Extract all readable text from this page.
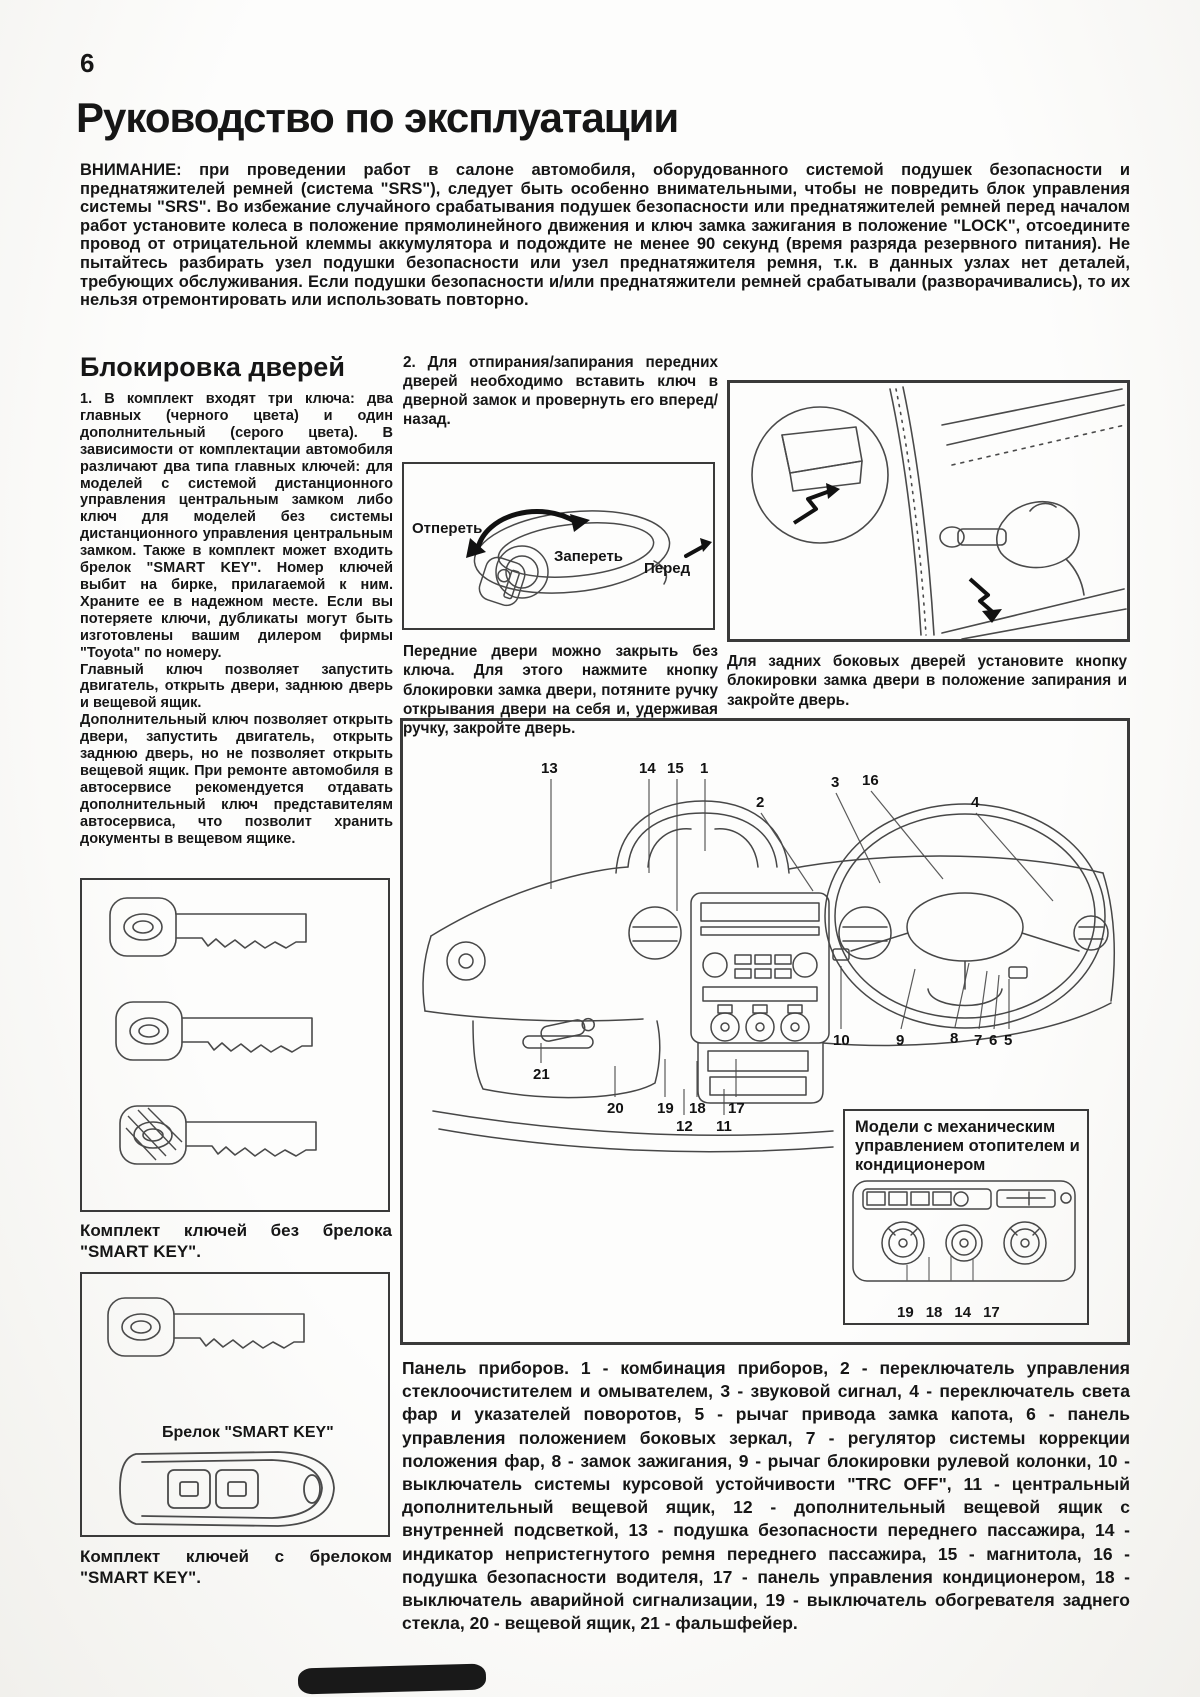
6
Руководство по эксплуатации
ВНИМАНИЕ: при проведении работ в салоне автомобиля, оборудованного системой подушек безопасности и преднатяжителей ремней (система "SRS"), следует быть особенно внимательными, чтобы не повредить блок управления системы "SRS". Во избежание случайного срабатывания подушек безопасности или преднатяжителей ремней перед началом работ установите колеса в положение прямолинейного движения и ключ замка зажигания в положение "LOCK", отсоедините провод от отрицательной клеммы аккумулятора и подождите не менее 90 секунд (время разряда резервного питания). Не пытайтесь разбирать узел подушки безопасности или узел преднатяжителя ремня, т.к. в данных узлах нет деталей, требующих обслуживания. Если подушки безопасности и/или преднатяжители ремней срабатывали (разворачивались), то их нельзя отремонтировать или использовать повторно.
Блокировка дверей

1. В комплект входят три ключа: два главных (черного цвета) и один дополнительный (серого цвета). В зависимости от комплектации автомобиля различают два типа главных ключей: для моделей с системой дистанционного управления центральным замком либо ключ для моделей без системы дистанционного управления центральным замком. Также в комплект может входить брелок "SMART KEY". Номер ключей выбит на бирке, прилагаемой к ним. Храните ее в надежном месте. Если вы потеряете ключи, дубликаты могут быть изготовлены вашим дилером фирмы "Toyota" по номеру.

Главный ключ позволяет запустить двигатель, открыть двери, заднюю дверь и вещевой ящик.

Дополнительный ключ позволяет открыть двери, запустить двигатель, открыть заднюю дверь, но не позволяет открыть вещевой ящик. При ремонте автомобиля в автосервисе рекомендуется отдавать дополнительный ключ представителям автосервиса, что позволит хранить документы в вещевом ящике.

2. Для отпирания/запирания передних дверей необходимо вставить ключ в дверной замок и провернуть его вперед/назад.
Отпереть
Запереть
Перед
Передние двери можно закрыть без ключа. Для этого нажмите кнопку блокировки замка двери, потяните ручку открывания двери на себя и, удерживая ручку, закройте дверь.
Для задних боковых дверей установите кнопку блокировки замка двери в положение запирания и закройте дверь.
Комплект ключей без брелока "SMART KEY".
Брелок "SMART KEY"
Комплект ключей с брелоком "SMART KEY".
13	14 15 1
2
3 16
4
10	9	8 7 6 5
21
20 19 18
12 11
17
Модели с механическим управлением отопителем и кондиционером
19 18 14 17
Панель приборов. 1 - комбинация приборов, 2 - переключатель управления стеклоочистителем и омывателем, 3 - звуковой сигнал, 4 - переключатель света фар и указателей поворотов, 5 - рычаг привода замка капота, 6 - панель управления положением боковых зеркал, 7 - регулятор системы коррекции положения фар, 8 - замок зажигания, 9 - рычаг блокировки рулевой колонки, 10 - выключатель системы курсовой устойчивости "TRC OFF", 11 - центральный дополнительный вещевой ящик, 12 - дополнительный вещевой ящик с внутренней подсветкой, 13 - подушка безопасности переднего пассажира, 14 - индикатор непристегнутого ремня переднего пассажира, 15 - магнитола, 16 - подушка безопасности водителя, 17 - панель управления кондиционером, 18 - выключатель аварийной сигнализации, 19 - выключатель обогревателя заднего стекла, 20 - вещевой ящик, 21 - фальшфейер.
